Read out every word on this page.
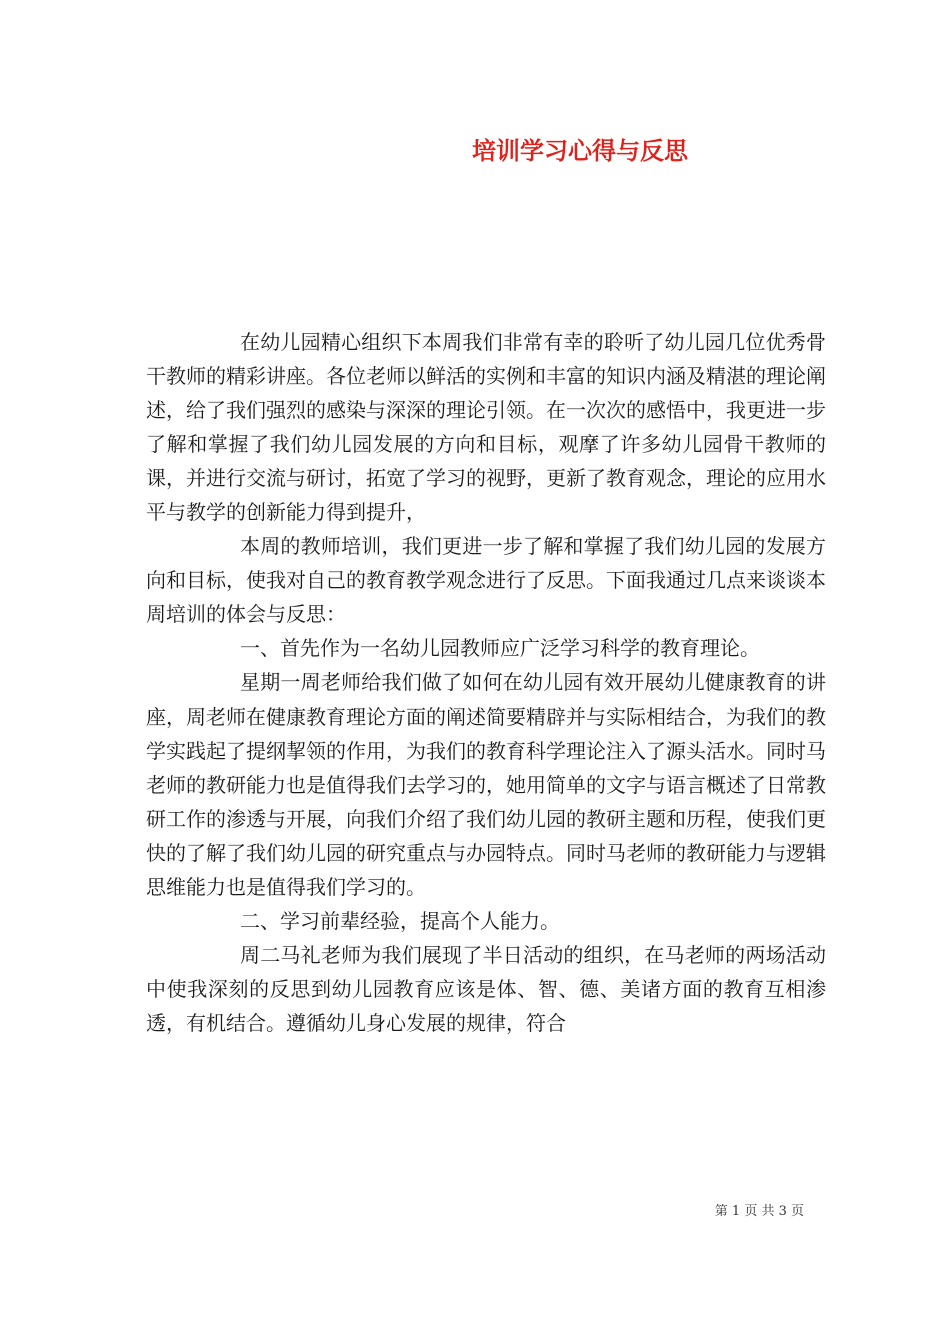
培训学习心得与反思

在幼儿园精心组织下本周我们非常有幸的聆听了幼儿园几位优秀骨干教师的精彩讲座。各位老师以鲜活的实例和丰富的知识内涵及精湛的理论阐述，给了我们强烈的感染与深深的理论引领。在一次次的感悟中，我更进一步了解和掌握了我们幼儿园发展的方向和目标，观摩了许多幼儿园骨干教师的课，并进行交流与研讨，拓宽了学习的视野，更新了教育观念，理论的应用水平与教学的创新能力得到提升，

本周的教师培训，我们更进一步了解和掌握了我们幼儿园的发展方向和目标，使我对自己的教育教学观念进行了反思。下面我通过几点来谈谈本周培训的体会与反思：

一、首先作为一名幼儿园教师应广泛学习科学的教育理论。

星期一周老师给我们做了如何在幼儿园有效开展幼儿健康教育的讲座，周老师在健康教育理论方面的阐述简要精辟并与实际相结合，为我们的教学实践起了提纲挈领的作用，为我们的教育科学理论注入了源头活水。同时马老师的教研能力也是值得我们去学习的，她用简单的文字与语言概述了日常教研工作的渗透与开展，向我们介绍了我们幼儿园的教研主题和历程，使我们更快的了解了我们幼儿园的研究重点与办园特点。同时马老师的教研能力与逻辑思维能力也是值得我们学习的。

二、学习前辈经验，提高个人能力。

周二马礼老师为我们展现了半日活动的组织，在马老师的两场活动中使我深刻的反思到幼儿园教育应该是体、智、德、美诸方面的教育互相渗透，有机结合。遵循幼儿身心发展的规律，符合

第 1 页 共 3 页
